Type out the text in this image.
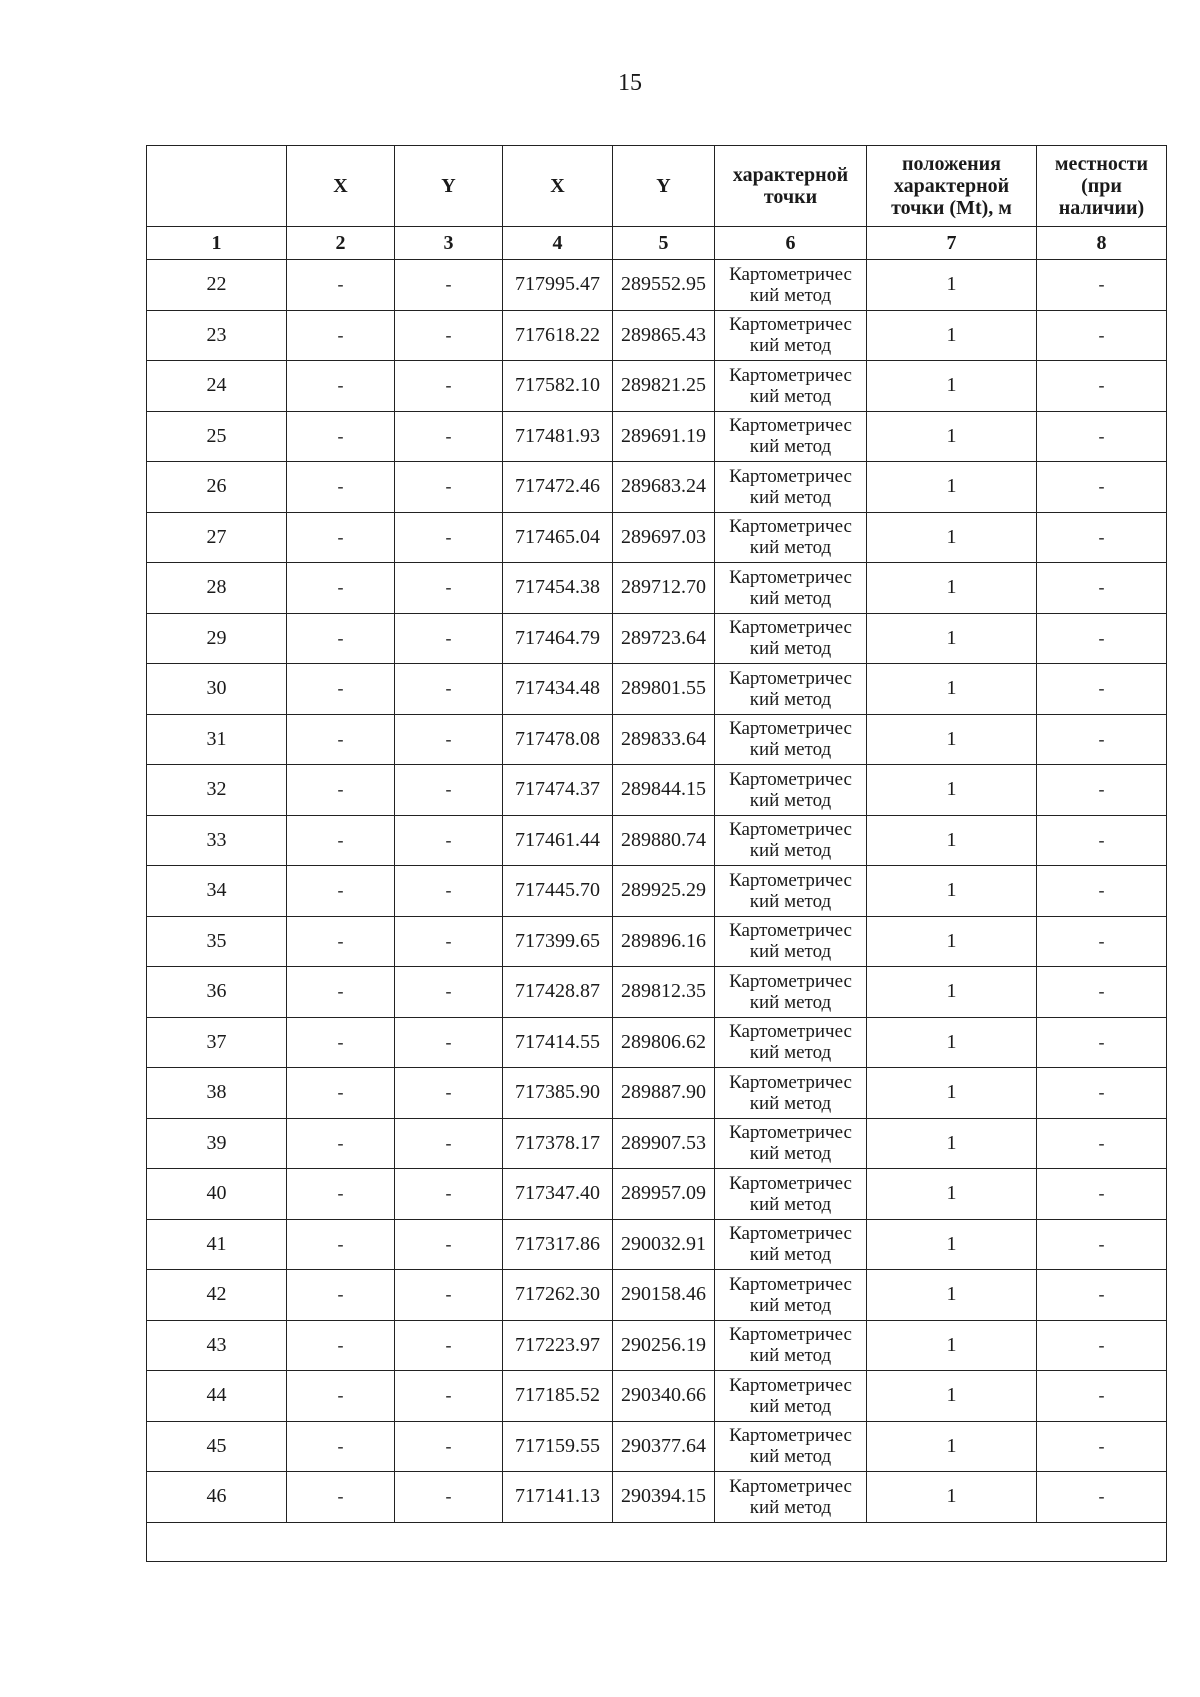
15
	X	Y	X	Y	характерной
точки	положения
характерной
точки (Mt), м	местности
(при
наличии)
1	2	3	4	5	6	7	8
22	-	-	717995.47	289552.95	Картометричес
кий метод	1	-
23	-	-	717618.22	289865.43	Картометричес
кий метод	1	-
24	-	-	717582.10	289821.25	Картометричес
кий метод	1	-
25	-	-	717481.93	289691.19	Картометричес
кий метод	1	-
26	-	-	717472.46	289683.24	Картометричес
кий метод	1	-
27	-	-	717465.04	289697.03	Картометричес
кий метод	1	-
28	-	-	717454.38	289712.70	Картометричес
кий метод	1	-
29	-	-	717464.79	289723.64	Картометричес
кий метод	1	-
30	-	-	717434.48	289801.55	Картометричес
кий метод	1	-
31	-	-	717478.08	289833.64	Картометричес
кий метод	1	-
32	-	-	717474.37	289844.15	Картометричес
кий метод	1	-
33	-	-	717461.44	289880.74	Картометричес
кий метод	1	-
34	-	-	717445.70	289925.29	Картометричес
кий метод	1	-
35	-	-	717399.65	289896.16	Картометричес
кий метод	1	-
36	-	-	717428.87	289812.35	Картометричес
кий метод	1	-
37	-	-	717414.55	289806.62	Картометричес
кий метод	1	-
38	-	-	717385.90	289887.90	Картометричес
кий метод	1	-
39	-	-	717378.17	289907.53	Картометричес
кий метод	1	-
40	-	-	717347.40	289957.09	Картометричес
кий метод	1	-
41	-	-	717317.86	290032.91	Картометричес
кий метод	1	-
42	-	-	717262.30	290158.46	Картометричес
кий метод	1	-
43	-	-	717223.97	290256.19	Картометричес
кий метод	1	-
44	-	-	717185.52	290340.66	Картометричес
кий метод	1	-
45	-	-	717159.55	290377.64	Картометричес
кий метод	1	-
46	-	-	717141.13	290394.15	Картометричес
кий метод	1	-
